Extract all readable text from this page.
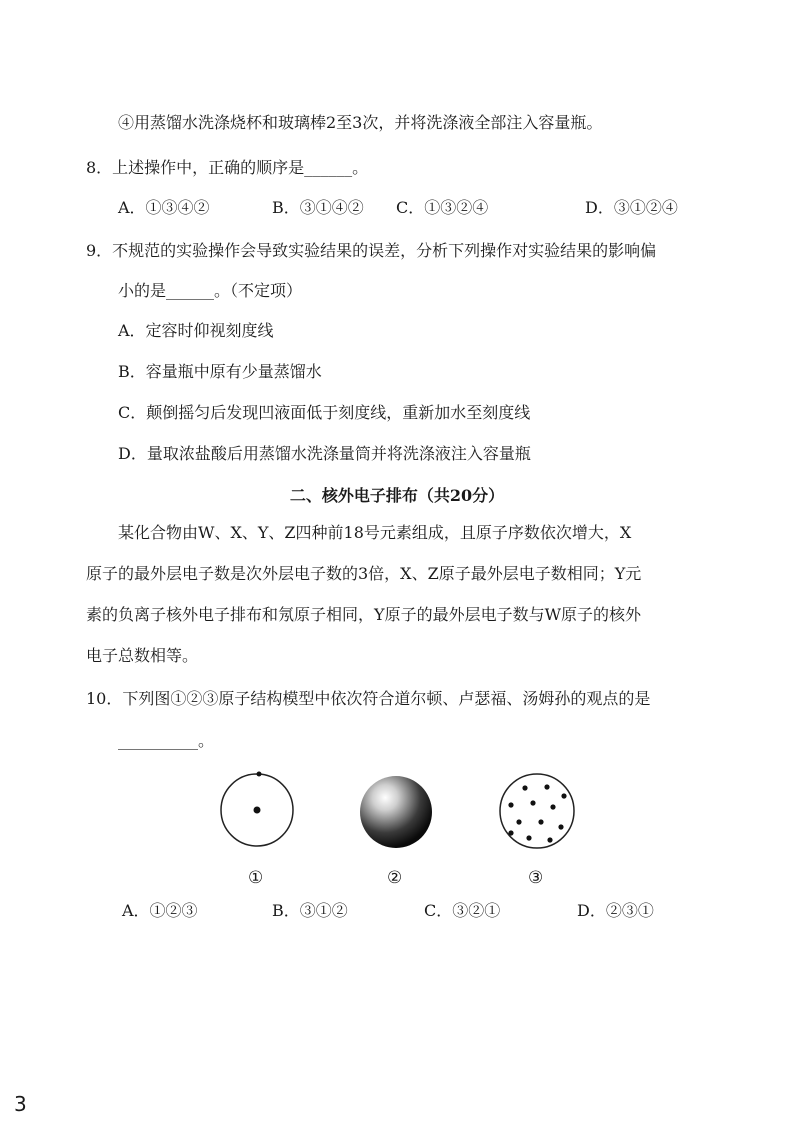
④用蒸馏水洗涤烧杯和玻璃棒2至3次，并将洗涤液全部注入容量瓶。
8．上述操作中，正确的顺序是______。
A．①③④②	B．③①④② C．①③②④	D．③①②④
9．不规范的实验操作会导致实验结果的误差，分析下列操作对实验结果的影响偏
小的是______。（不定项）
A．定容时仰视刻度线
B．容量瓶中原有少量蒸馏水
C．颠倒摇匀后发现凹液面低于刻度线，重新加水至刻度线
D．量取浓盐酸后用蒸馏水洗涤量筒并将洗涤液注入容量瓶
二、核外电子排布（共20分）
某化合物由W、X、Y、Z四种前18号元素组成，且原子序数依次增大，X
原子的最外层电子数是次外层电子数的3倍，X、Z原子最外层电子数相同；Y元
素的负离子核外电子排布和氖原子相同，Y原子的最外层电子数与W原子的核外
电子总数相等。
10．下列图①②③原子结构模型中依次符合道尔顿、卢瑟福、汤姆孙的观点的是
__________。
①	②	③
A．①②③	B．③①②	C．③②①	D．②③①
3
